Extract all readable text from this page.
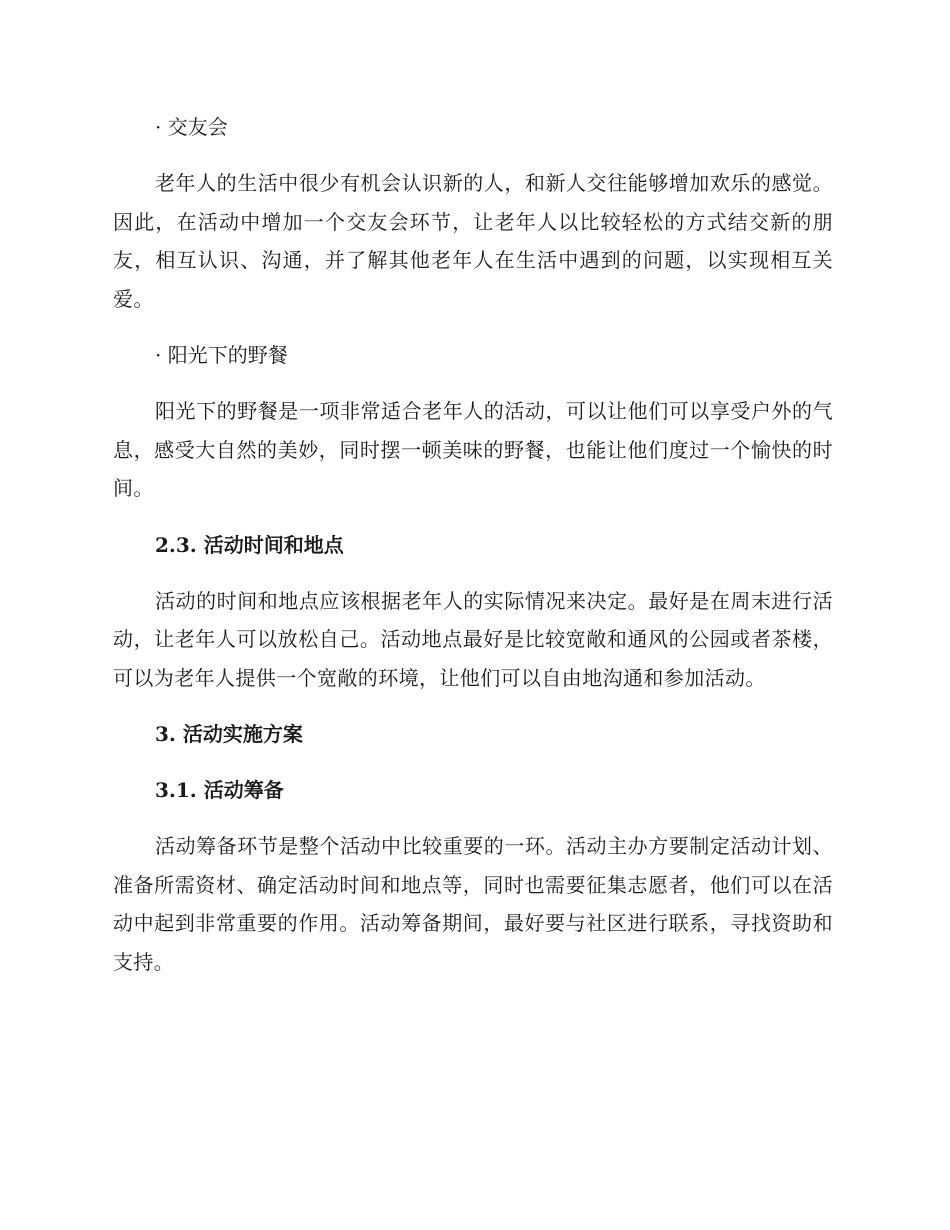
· 交友会

老年人的生活中很少有机会认识新的人，和新人交往能够增加欢乐的感觉。因此，在活动中增加一个交友会环节，让老年人以比较轻松的方式结交新的朋友，相互认识、沟通，并了解其他老年人在生活中遇到的问题，以实现相互关爱。

· 阳光下的野餐

阳光下的野餐是一项非常适合老年人的活动，可以让他们可以享受户外的气息，感受大自然的美妙，同时摆一顿美味的野餐，也能让他们度过一个愉快的时间。

2.3. 活动时间和地点

活动的时间和地点应该根据老年人的实际情况来决定。最好是在周末进行活动，让老年人可以放松自己。活动地点最好是比较宽敞和通风的公园或者茶楼，可以为老年人提供一个宽敞的环境，让他们可以自由地沟通和参加活动。

3. 活动实施方案
3.1. 活动筹备

活动筹备环节是整个活动中比较重要的一环。活动主办方要制定活动计划、准备所需资材、确定活动时间和地点等，同时也需要征集志愿者，他们可以在活动中起到非常重要的作用。活动筹备期间，最好要与社区进行联系，寻找资助和支持。
